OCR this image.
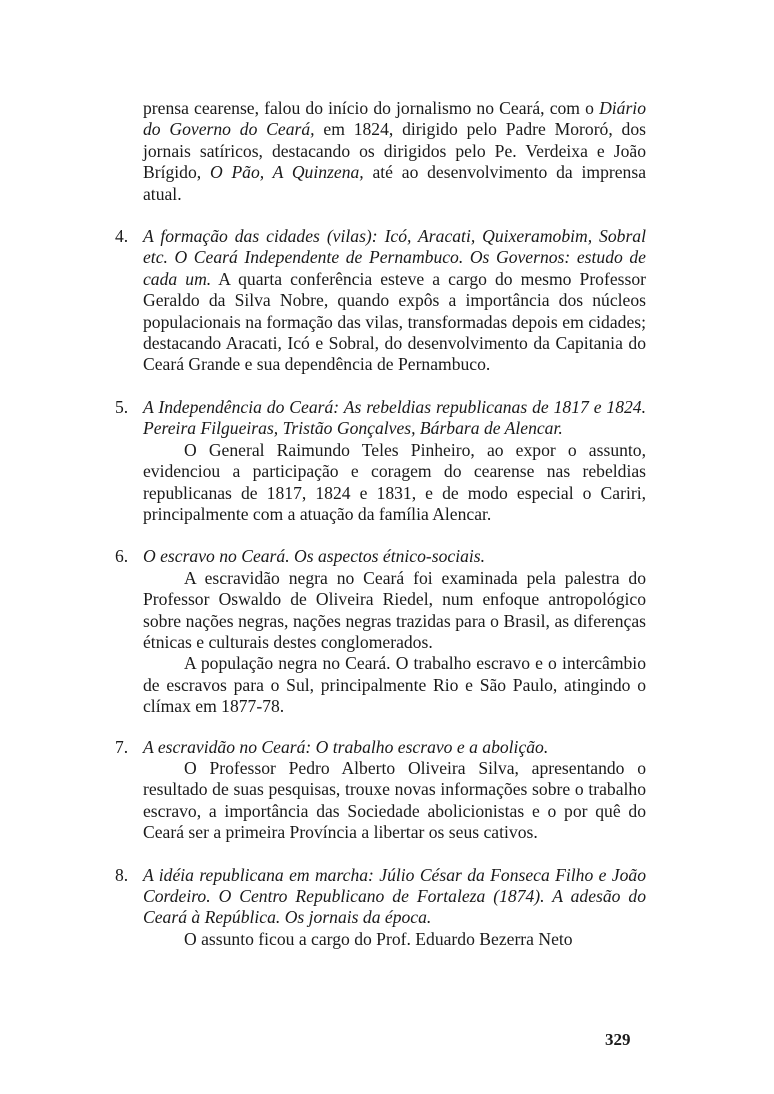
prensa cearense, falou do início do jornalismo no Ceará, com o Diário do Governo do Ceará, em 1824, dirigido pelo Padre Mororó, dos jornais satíricos, destacando os dirigidos pelo Pe. Verdeixa e João Brígido, O Pão, A Quinzena, até ao desenvolvimento da imprensa atual.

4. A formação das cidades (vilas): Icó, Aracati, Quixeramobim, Sobral etc. O Ceará Independente de Pernambuco. Os Governos: estudo de cada um. A quarta conferência esteve a cargo do mesmo Professor Geraldo da Silva Nobre, quando expôs a importância dos núcleos populacionais na formação das vilas, transformadas depois em cidades; destacando Aracati, Icó e Sobral, do desenvolvimento da Capitania do Ceará Grande e sua dependência de Pernambuco.

5. A Independência do Ceará: As rebeldias republicanas de 1817 e 1824. Pereira Filgueiras, Tristão Gonçalves, Bárbara de Alencar.

O General Raimundo Teles Pinheiro, ao expor o assunto, evidenciou a participação e coragem do cearense nas rebeldias republicanas de 1817, 1824 e 1831, e de modo especial o Cariri, principalmente com a atuação da família Alencar.

6. O escravo no Ceará. Os aspectos étnico-sociais.

A escravidão negra no Ceará foi examinada pela palestra do Professor Oswaldo de Oliveira Riedel, num enfoque antropológico sobre nações negras, nações negras trazidas para o Brasil, as diferenças étnicas e culturais destes conglomerados.

A população negra no Ceará. O trabalho escravo e o intercâmbio de escravos para o Sul, principalmente Rio e São Paulo, atingindo o clímax em 1877-78.

7. A escravidão no Ceará: O trabalho escravo e a abolição.

O Professor Pedro Alberto Oliveira Silva, apresentando o resultado de suas pesquisas, trouxe novas informações sobre o trabalho escravo, a importância das Sociedade abolicionistas e o por quê do Ceará ser a primeira Província a libertar os seus cativos.

8. A idéia republicana em marcha: Júlio César da Fonseca Filho e João Cordeiro. O Centro Republicano de Fortaleza (1874). A adesão do Ceará à República. Os jornais da época.

O assunto ficou a cargo do Prof. Eduardo Bezerra Neto

329
